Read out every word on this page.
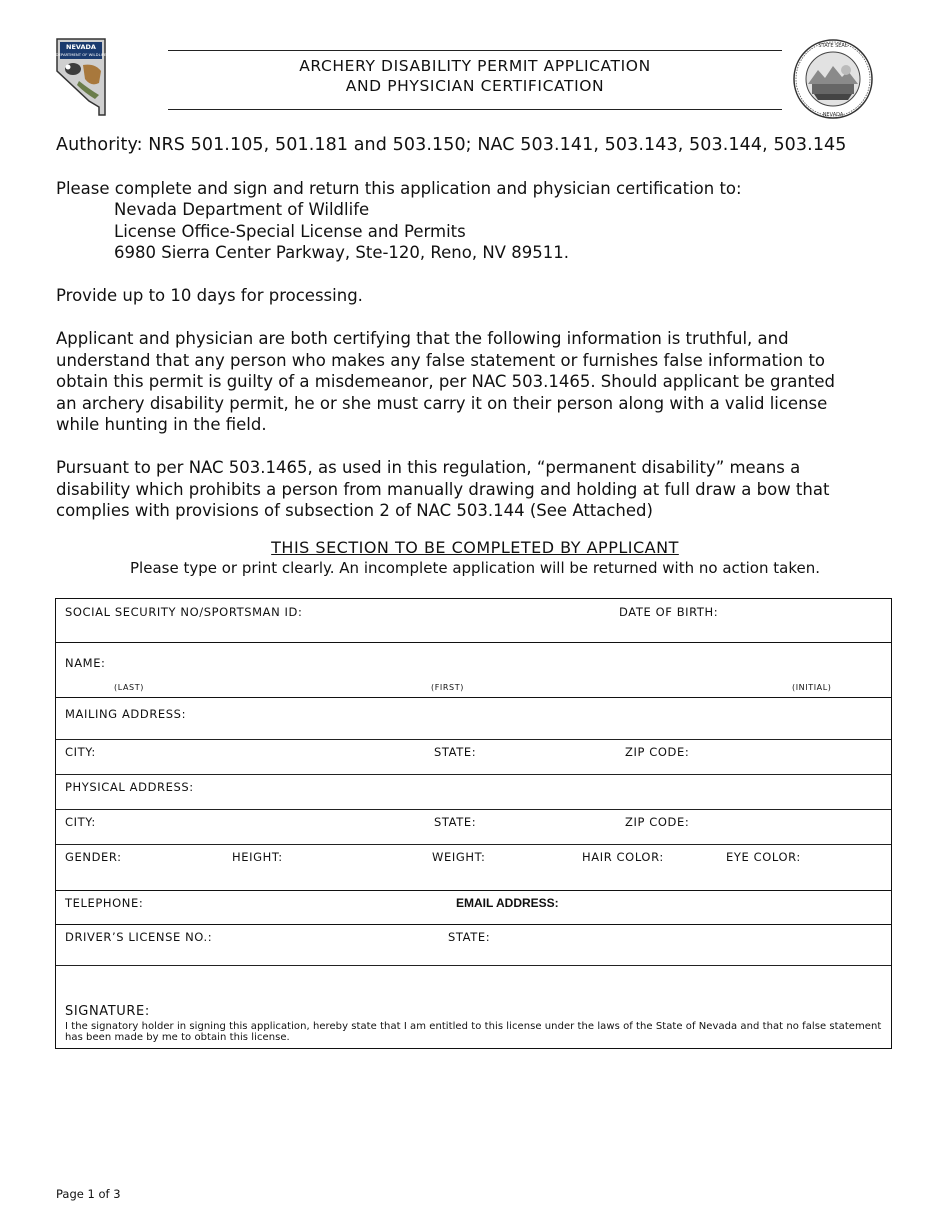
NEVADA
DEPARTMENT OF WILDLIFE
ARCHERY DISABILITY PERMIT APPLICATION
AND PHYSICIAN CERTIFICATION
STATE SEAL
NEVADA
Authority: NRS 501.105, 501.181 and 503.150; NAC 503.141, 503.143, 503.144, 503.145
Please complete and sign and return this application and physician certification to:
Nevada Department of Wildlife
License Office-Special License and Permits
6980 Sierra Center Parkway, Ste-120, Reno, NV 89511.
Provide up to 10 days for processing.
Applicant and physician are both certifying that the following information is truthful, and understand that any person who makes any false statement or furnishes false information to obtain this permit is guilty of a misdemeanor, per NAC 503.1465. Should applicant be granted an archery disability permit, he or she must carry it on their person along with a valid license while hunting in the field.
Pursuant to per NAC 503.1465, as used in this regulation, “permanent disability” means a disability which prohibits a person from manually drawing and holding at full draw a bow that complies with provisions of subsection 2 of NAC 503.144 (See Attached)
THIS SECTION TO BE COMPLETED BY APPLICANT
Please type or print clearly. An incomplete application will be returned with no action taken.
SOCIAL SECURITY NO/SPORTSMAN ID:	DATE OF BIRTH:
NAME:
(LAST)	(FIRST)	(INITIAL)
MAILING ADDRESS:
CITY:	STATE:	ZIP CODE:
PHYSICAL ADDRESS:
CITY:	STATE:	ZIP CODE:
GENDER:	HEIGHT:	WEIGHT:	HAIR COLOR:	EYE COLOR:
TELEPHONE:	EMAIL ADDRESS:
DRIVER’S LICENSE NO.:	STATE:
SIGNATURE:
I the signatory holder in signing this application, hereby state that I am entitled to this license under the laws of the State of Nevada and that no false statement has been made by me to obtain this license.
Page 1 of 3
